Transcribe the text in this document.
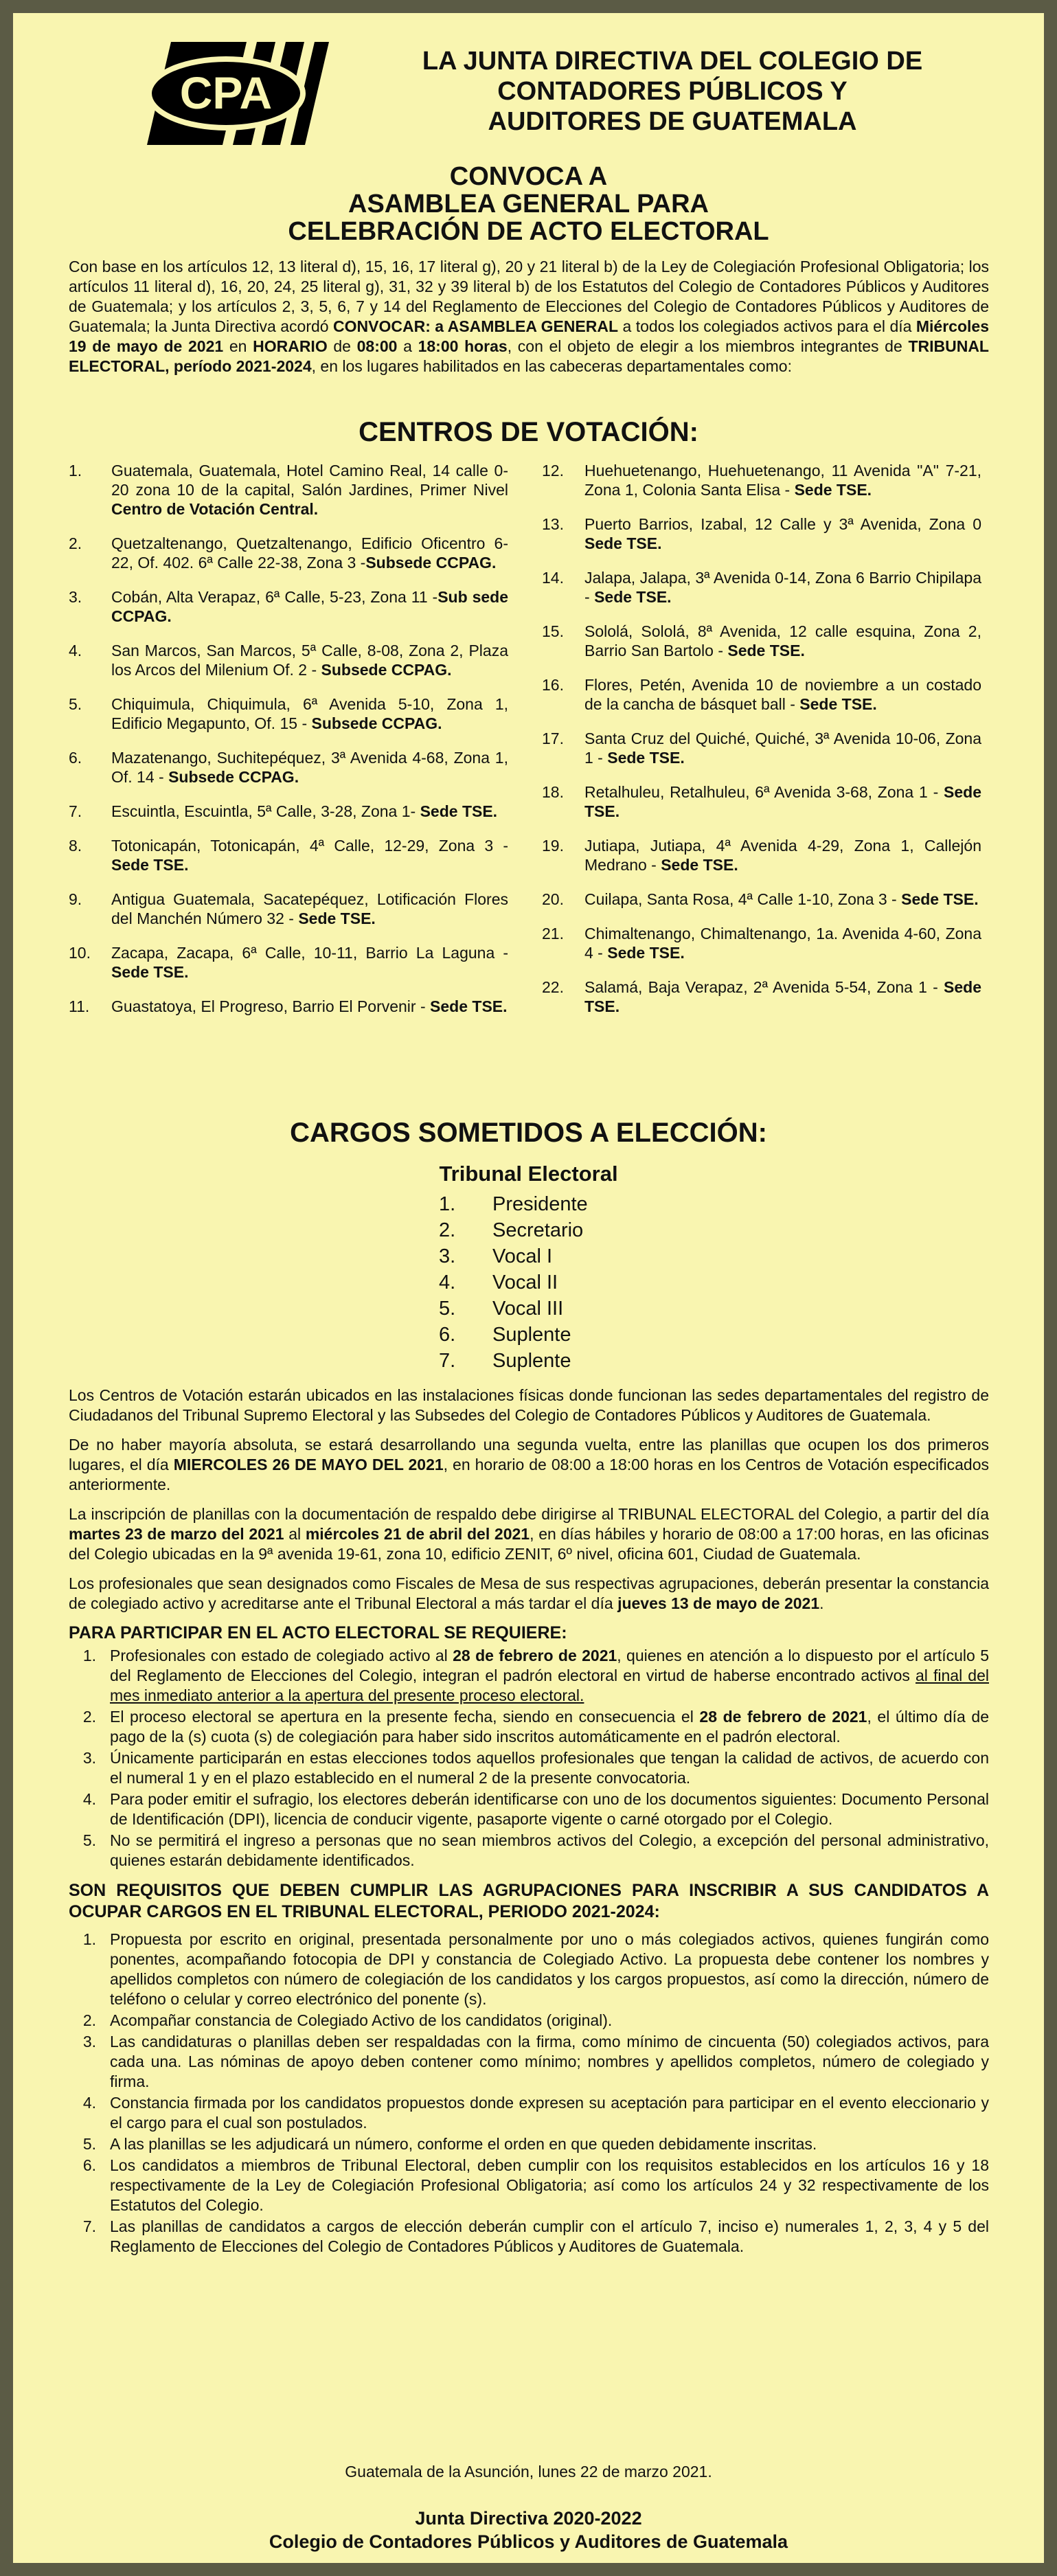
CPA
LA JUNTA DIRECTIVA DEL COLEGIO DE
CONTADORES PÚBLICOS Y
AUDITORES DE GUATEMALA
CONVOCA A
ASAMBLEA GENERAL PARA
CELEBRACIÓN DE ACTO ELECTORAL
Con base en los artículos 12, 13 literal d), 15, 16, 17 literal g), 20 y 21 literal b) de la Ley de Colegiación Profesional Obligatoria; los artículos 11 literal d), 16, 20, 24, 25 literal g), 31, 32 y 39 literal b) de los Estatutos del Colegio de Contadores Públicos y Auditores de Guatemala; y los artículos 2, 3, 5, 6, 7 y 14 del Reglamento de Elecciones del Colegio de Contadores Públicos y Auditores de Guatemala; la Junta Directiva acordó CONVOCAR: a ASAMBLEA GENERAL a todos los colegiados activos para el día Miércoles 19 de mayo de 2021 en HORARIO de 08:00 a 18:00 horas, con el objeto de elegir a los miembros integrantes de TRIBUNAL ELECTORAL, período 2021-2024, en los lugares habilitados en las cabeceras departamentales como:
CENTROS DE VOTACIÓN:
1.	Guatemala, Guatemala, Hotel Camino Real, 14 calle 0-20 zona 10 de la capital, Salón Jardines, Primer Nivel Centro de Votación Central.
2.	Quetzaltenango, Quetzaltenango, Edificio Oficentro 6-22, Of. 402. 6ª Calle 22-38, Zona 3 -Subsede CCPAG.
3.	Cobán, Alta Verapaz, 6ª Calle, 5-23, Zona 11 -Sub sede CCPAG.
4.	San Marcos, San Marcos, 5ª Calle, 8-08, Zona 2, Plaza los Arcos del Milenium Of. 2 - Subsede CCPAG.
5.	Chiquimula, Chiquimula, 6ª Avenida 5-10, Zona 1, Edificio Megapunto, Of. 15 - Subsede CCPAG.
6.	Mazatenango, Suchitepéquez, 3ª Avenida 4-68, Zona 1, Of. 14 - Subsede CCPAG.
7.	Escuintla, Escuintla, 5ª Calle, 3-28, Zona 1- Sede TSE.
8.	Totonicapán, Totonicapán, 4ª Calle, 12-29, Zona 3 - Sede TSE.
9.	Antigua Guatemala, Sacatepéquez, Lotificación Flores del Manchén Número 32 - Sede TSE.
10.	Zacapa, Zacapa, 6ª Calle, 10-11, Barrio La Laguna - Sede TSE.
11.	Guastatoya, El Progreso, Barrio El Porvenir - Sede TSE.
12.	Huehuetenango, Huehuetenango, 11 Avenida "A" 7-21, Zona 1, Colonia Santa Elisa - Sede TSE.
13.	Puerto Barrios, Izabal, 12 Calle y 3ª Avenida, Zona 0 Sede TSE.
14.	Jalapa, Jalapa, 3ª Avenida 0-14, Zona 6 Barrio Chipilapa - Sede TSE.
15.	Sololá, Sololá, 8ª Avenida, 12 calle esquina, Zona 2, Barrio San Bartolo - Sede TSE.
16.	Flores, Petén, Avenida 10 de noviembre a un costado de la cancha de básquet ball - Sede TSE.
17.	Santa Cruz del Quiché, Quiché, 3ª Avenida 10-06, Zona 1 - Sede TSE.
18.	Retalhuleu, Retalhuleu, 6ª Avenida 3-68, Zona 1 - Sede TSE.
19.	Jutiapa, Jutiapa, 4ª Avenida 4-29, Zona 1, Callejón Medrano - Sede TSE.
20.	Cuilapa, Santa Rosa, 4ª Calle 1-10, Zona 3 - Sede TSE.
21.	Chimaltenango, Chimaltenango, 1a. Avenida 4-60, Zona 4 - Sede TSE.
22.	Salamá, Baja Verapaz, 2ª Avenida 5-54, Zona 1 - Sede TSE.
CARGOS SOMETIDOS A ELECCIÓN:
Tribunal Electoral
1.	Presidente
2.	Secretario
3.	Vocal I
4.	Vocal II
5.	Vocal III
6.	Suplente
7.	Suplente

Los Centros de Votación estarán ubicados en las instalaciones físicas donde funcionan las sedes departamentales del registro de Ciudadanos del Tribunal Supremo Electoral y las Subsedes del Colegio de Contadores Públicos y Auditores de Guatemala.

De no haber mayoría absoluta, se estará desarrollando una segunda vuelta, entre las planillas que ocupen los dos primeros lugares, el día MIERCOLES 26 DE MAYO DEL 2021, en horario de 08:00 a 18:00 horas en los Centros de Votación especificados anteriormente.

La inscripción de planillas con la documentación de respaldo debe dirigirse al TRIBUNAL ELECTORAL del Colegio, a partir del día martes 23 de marzo del 2021 al miércoles 21 de abril del 2021, en días hábiles y horario de 08:00 a 17:00 horas, en las oficinas del Colegio ubicadas en la 9ª avenida 19-61, zona 10, edificio ZENIT, 6º nivel, oficina 601, Ciudad de Guatemala.

Los profesionales que sean designados como Fiscales de Mesa de sus respectivas agrupaciones, deberán presentar la constancia de colegiado activo y acreditarse ante el Tribunal Electoral a más tardar el día jueves 13 de mayo de 2021.

PARA PARTICIPAR EN EL ACTO ELECTORAL SE REQUIERE:
1. Profesionales con estado de colegiado activo al 28 de febrero de 2021, quienes en atención a lo dispuesto por el artículo 5 del Reglamento de Elecciones del Colegio, integran el padrón electoral en virtud de haberse encontrado activos al final del mes inmediato anterior a la apertura del presente proceso electoral.
2. El proceso electoral se apertura en la presente fecha, siendo en consecuencia el 28 de febrero de 2021, el último día de pago de la (s) cuota (s) de colegiación para haber sido inscritos automáticamente en el padrón electoral.
3. Únicamente participarán en estas elecciones todos aquellos profesionales que tengan la calidad de activos, de acuerdo con el numeral 1 y en el plazo establecido en el numeral 2 de la presente convocatoria.
4. Para poder emitir el sufragio, los electores deberán identificarse con uno de los documentos siguientes: Documento Personal de Identificación (DPI), licencia de conducir vigente, pasaporte vigente o carné otorgado por el Colegio.
5. No se permitirá el ingreso a personas que no sean miembros activos del Colegio, a excepción del personal administrativo, quienes estarán debidamente identificados.
SON REQUISITOS QUE DEBEN CUMPLIR LAS AGRUPACIONES PARA INSCRIBIR A SUS CANDIDATOS A OCUPAR CARGOS EN EL TRIBUNAL ELECTORAL, PERIODO 2021-2024:
1. Propuesta por escrito en original, presentada personalmente por uno o más colegiados activos, quienes fungirán como ponentes, acompañando fotocopia de DPI y constancia de Colegiado Activo. La propuesta debe contener los nombres y apellidos completos con número de colegiación de los candidatos y los cargos propuestos, así como la dirección, número de teléfono o celular y correo electrónico del ponente (s).
2. Acompañar constancia de Colegiado Activo de los candidatos (original).
3. Las candidaturas o planillas deben ser respaldadas con la firma, como mínimo de cincuenta (50) colegiados activos, para cada una. Las nóminas de apoyo deben contener como mínimo; nombres y apellidos completos, número de colegiado y firma.
4. Constancia firmada por los candidatos propuestos donde expresen su aceptación para participar en el evento eleccionario y el cargo para el cual son postulados.
5. A las planillas se les adjudicará un número, conforme el orden en que queden debidamente inscritas.
6. Los candidatos a miembros de Tribunal Electoral, deben cumplir con los requisitos establecidos en los artículos 16 y 18 respectivamente de la Ley de Colegiación Profesional Obligatoria; así como los artículos 24 y 32 respectivamente de los Estatutos del Colegio.
7. Las planillas de candidatos a cargos de elección deberán cumplir con el artículo 7, inciso e) numerales 1, 2, 3, 4 y 5 del Reglamento de Elecciones del Colegio de Contadores Públicos y Auditores de Guatemala.
Guatemala de la Asunción, lunes 22 de marzo 2021.
Junta Directiva 2020-2022
Colegio de Contadores Públicos y Auditores de Guatemala
